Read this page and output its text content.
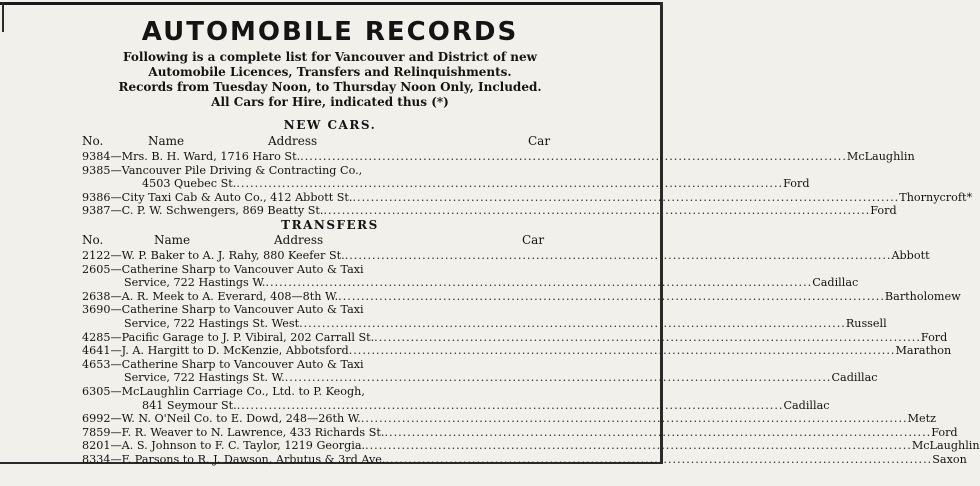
AUTOMOBILE RECORDS
Following is a complete list for Vancouver and District of new
Automobile Licences, Transfers and Relinquishments.
Records from Tuesday Noon, to Thursday Noon Only, Included.
All Cars for Hire, indicated thus (*)
NEW CARS.
No.	Name	Address	Car
9384—Mrs. B. H. Ward, 1716 Haro St. ........................................................................................................................ McLaughlin
9385—Vancouver Pile Driving & Contracting Co.,
4503 Quebec St. ........................................................................................................................ Ford
9386—City Taxi Cab & Auto Co., 412 Abbott St. ........................................................................................................................ Thornycroft*
9387—C. P. W. Schwengers, 869 Beatty St. ........................................................................................................................ Ford
TRANSFERS
No.	Name	Address	Car
2122—W. P. Baker to A. J. Rahy, 880 Keefer St. ........................................................................................................................ Abbott
2605—Catherine Sharp to Vancouver Auto & Taxi
Service, 722 Hastings W. ........................................................................................................................ Cadillac
2638—A. R. Meek to A. Everard, 408—8th W. ........................................................................................................................ Bartholomew
3690—Catherine Sharp to Vancouver Auto & Taxi
Service, 722 Hastings St. West ........................................................................................................................ Russell
4285—Pacific Garage to J. P. Vibiral, 202 Carrall St. ........................................................................................................................ Ford
4641—J. A. Hargitt to D. McKenzie, Abbotsford ........................................................................................................................ Marathon
4653—Catherine Sharp to Vancouver Auto & Taxi
Service, 722 Hastings St. W. ........................................................................................................................ Cadillac
6305—McLaughlin Carriage Co., Ltd. to P. Keogh,
841 Seymour St. ........................................................................................................................ Cadillac
6992—W. N. O'Neil Co. to E. Dowd, 248—26th W. ........................................................................................................................ Metz
7859—F. R. Weaver to N. Lawrence, 433 Richards St. ........................................................................................................................ Ford
8201—A. S. Johnson to F. C. Taylor, 1219 Georgia. ........................................................................................................................ McLaughlin
8334—F. Parsons to R. J. Dawson, Arbutus & 3rd Ave. ........................................................................................................................ Saxon
